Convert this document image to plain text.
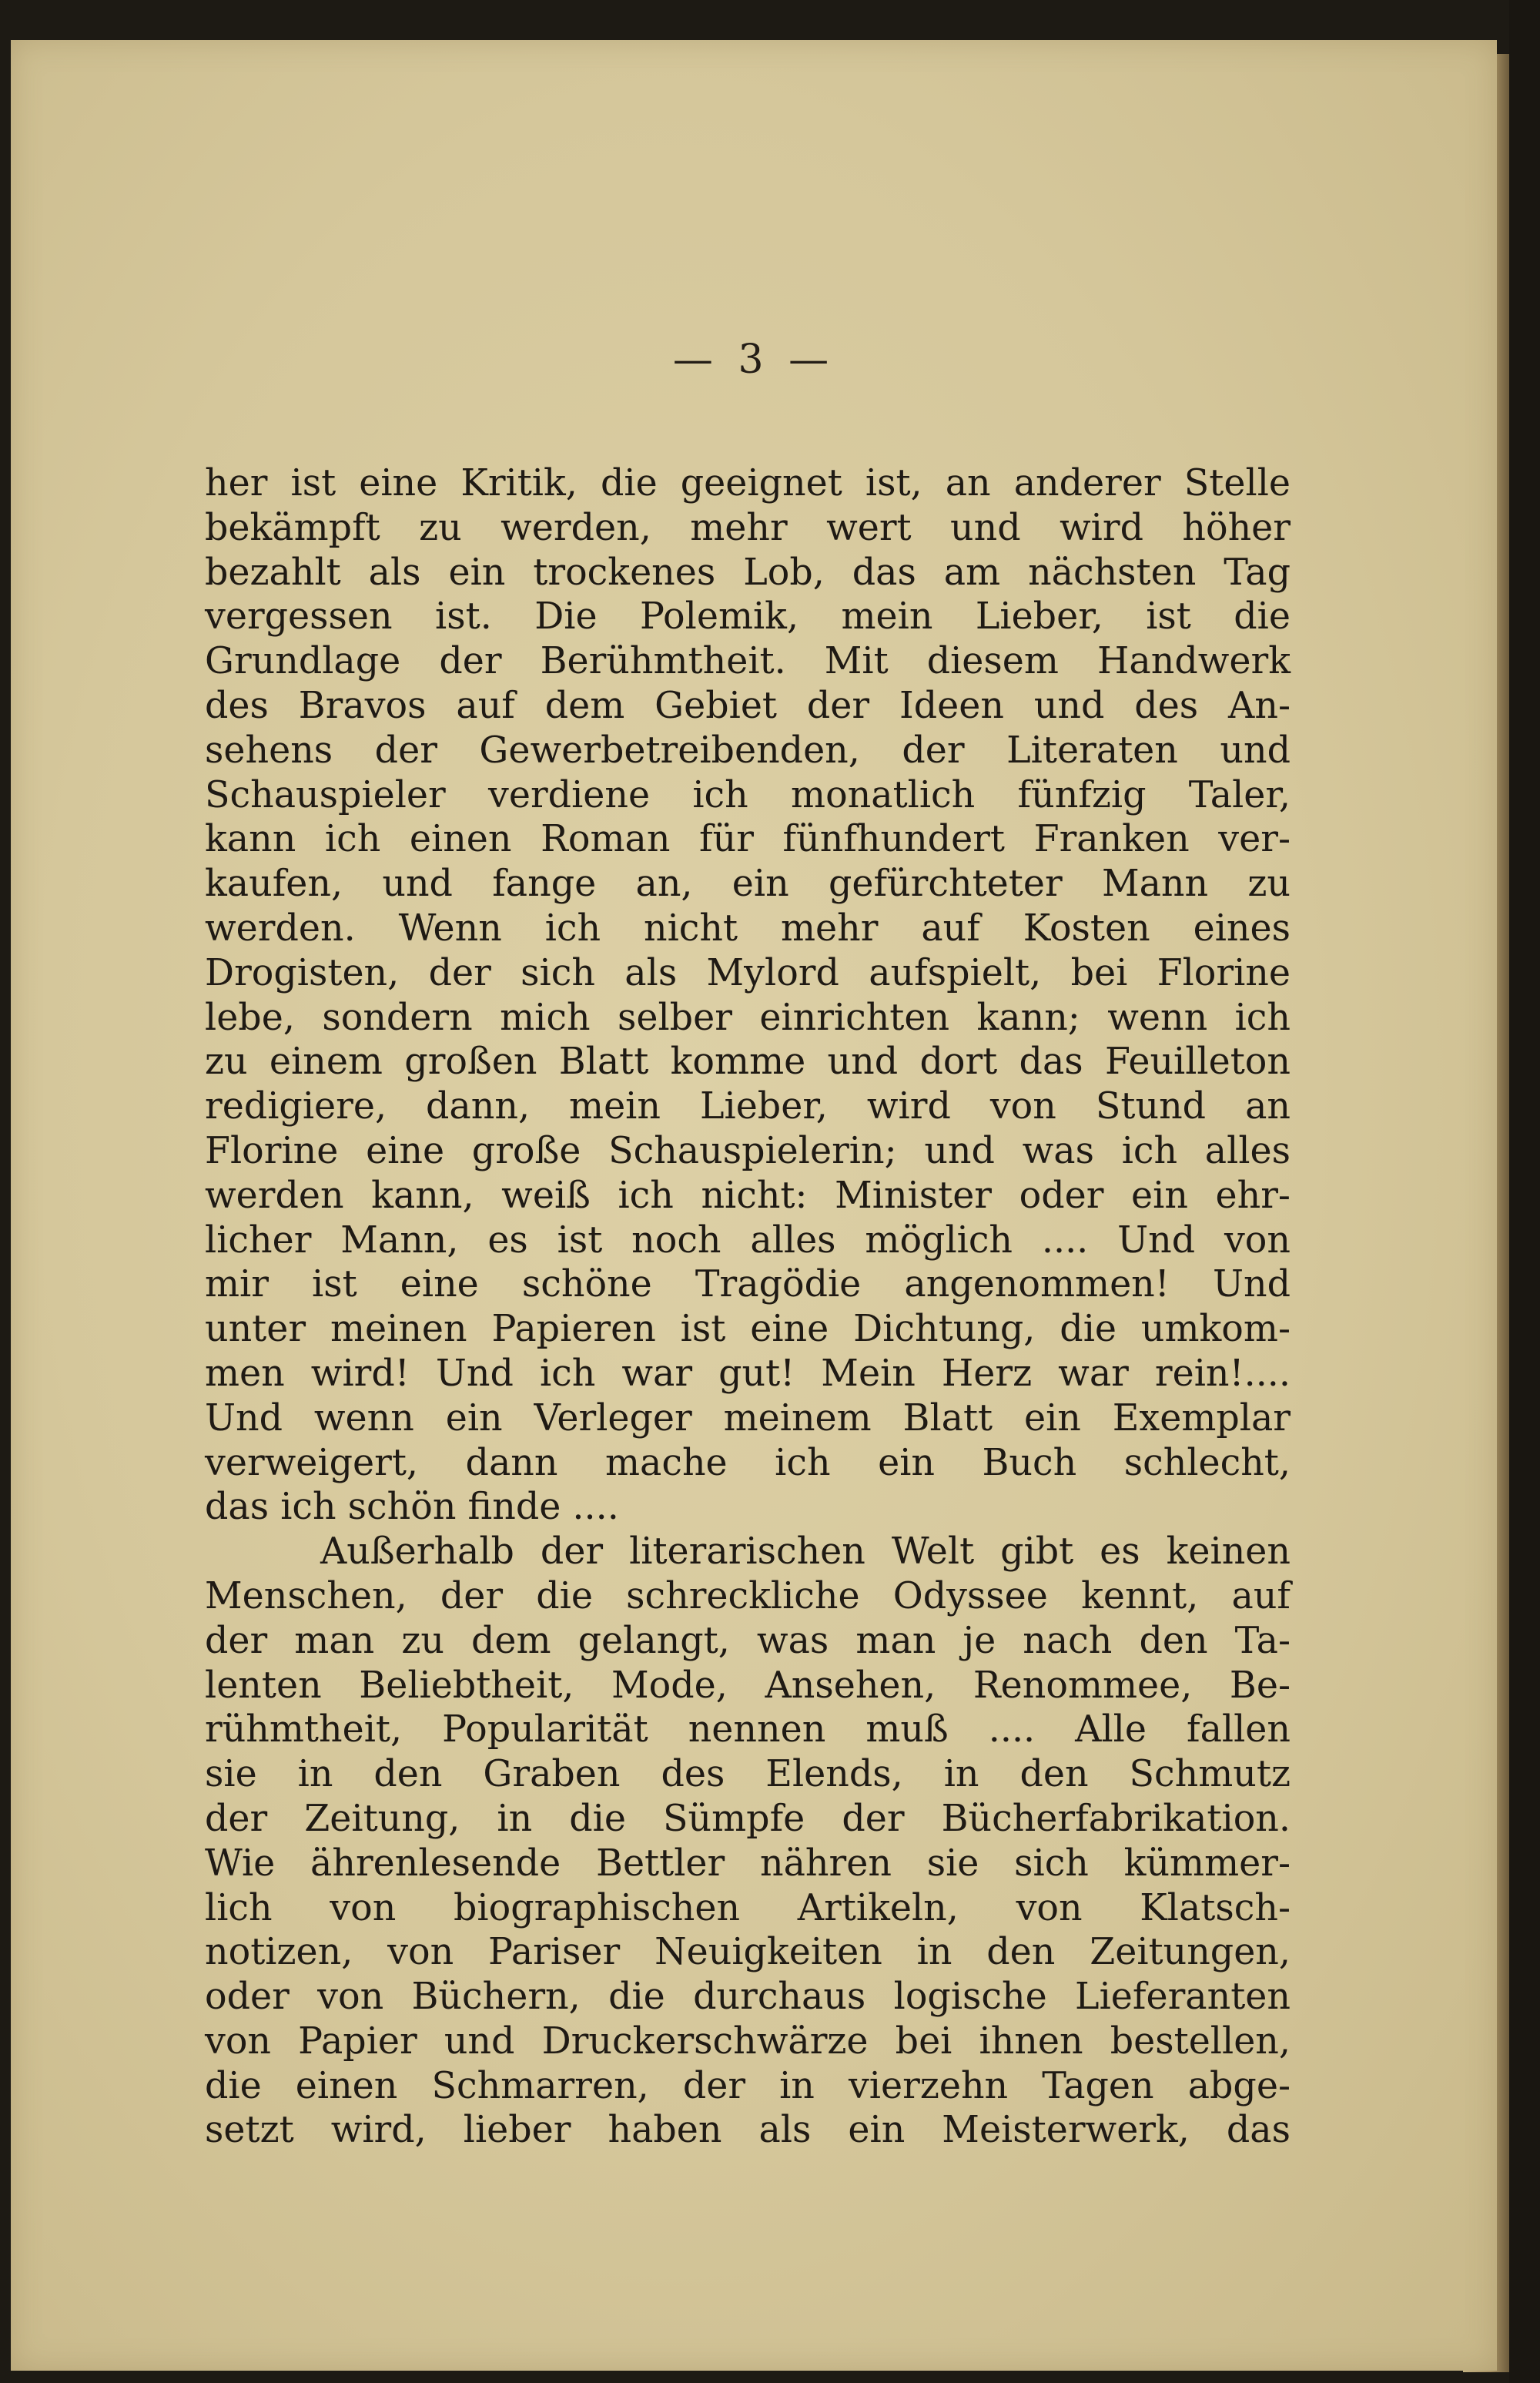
— 3 —
her ist eine Kritik, die geeignet ist, an anderer Stelle
bekämpft zu werden, mehr wert und wird höher
bezahlt als ein trockenes Lob, das am nächsten Tag
vergessen ist. Die Polemik, mein Lieber, ist die
Grundlage der Berühmtheit. Mit diesem Handwerk
des Bravos auf dem Gebiet der Ideen und des An-
sehens der Gewerbetreibenden, der Literaten und
Schauspieler verdiene ich monatlich fünfzig Taler,
kann ich einen Roman für fünfhundert Franken ver-
kaufen, und fange an, ein gefürchteter Mann zu
werden. Wenn ich nicht mehr auf Kosten eines
Drogisten, der sich als Mylord aufspielt, bei Florine
lebe, sondern mich selber einrichten kann; wenn ich
zu einem großen Blatt komme und dort das Feuilleton
redigiere, dann, mein Lieber, wird von Stund an
Florine eine große Schauspielerin; und was ich alles
werden kann, weiß ich nicht: Minister oder ein ehr-
licher Mann, es ist noch alles möglich .... Und von
mir ist eine schöne Tragödie angenommen! Und
unter meinen Papieren ist eine Dichtung, die umkom-
men wird! Und ich war gut! Mein Herz war rein!....
Und wenn ein Verleger meinem Blatt ein Exemplar
verweigert, dann mache ich ein Buch schlecht,
das ich schön finde ....
Außerhalb der literarischen Welt gibt es keinen
Menschen, der die schreckliche Odyssee kennt, auf
der man zu dem gelangt, was man je nach den Ta-
lenten Beliebtheit, Mode, Ansehen, Renommee, Be-
rühmtheit, Popularität nennen muß .... Alle fallen
sie in den Graben des Elends, in den Schmutz
der Zeitung, in die Sümpfe der Bücherfabrikation.
Wie ährenlesende Bettler nähren sie sich kümmer-
lich von biographischen Artikeln, von Klatsch-
notizen, von Pariser Neuigkeiten in den Zeitungen,
oder von Büchern, die durchaus logische Lieferanten
von Papier und Druckerschwärze bei ihnen bestellen,
die einen Schmarren, der in vierzehn Tagen abge-
setzt wird, lieber haben als ein Meisterwerk, das
